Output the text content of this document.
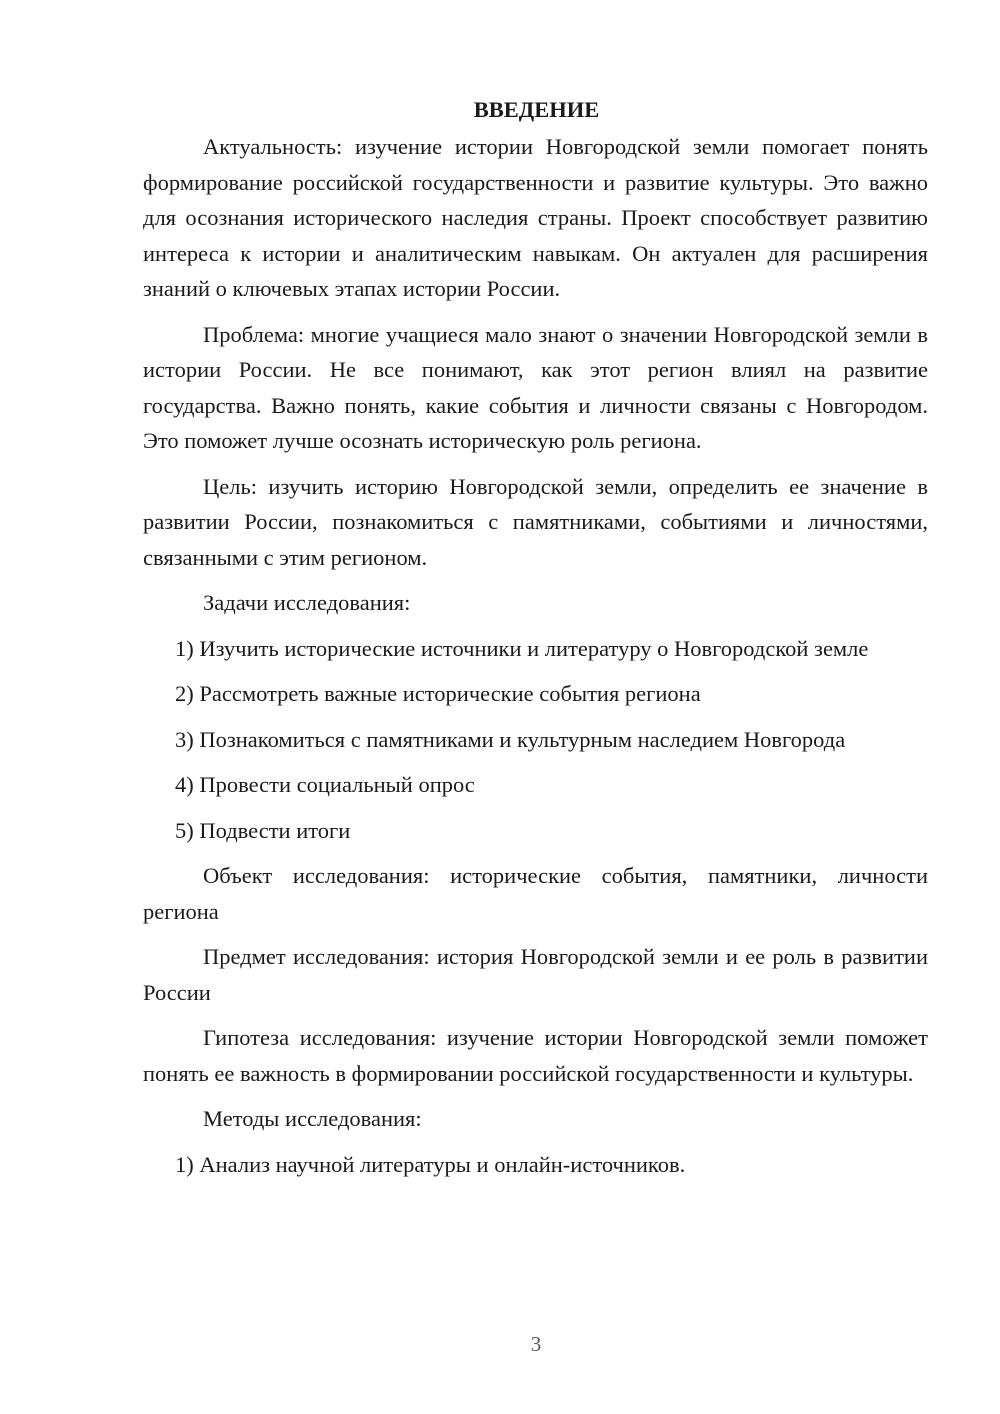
ВВЕДЕНИЕ

Актуальность: изучение истории Новгородской земли помогает понять формирование российской государственности и развитие культуры. Это важно для осознания исторического наследия страны. Проект способствует развитию интереса к истории и аналитическим навыкам. Он актуален для расширения знаний о ключевых этапах истории России.

Проблема: многие учащиеся мало знают о значении Новгородской земли в истории России. Не все понимают, как этот регион влиял на развитие государства. Важно понять, какие события и личности связаны с Новгородом. Это поможет лучше осознать историческую роль региона.

Цель: изучить историю Новгородской земли, определить ее значение в развитии России, познакомиться с памятниками, событиями и личностями, связанными с этим регионом.

Задачи исследования:

1) Изучить исторические источники и литературу о Новгородской земле

2) Рассмотреть важные исторические события региона

3) Познакомиться с памятниками и культурным наследием Новгорода

4) Провести социальный опрос

5) Подвести итоги

Объект исследования: исторические события, памятники, личности региона

Предмет исследования: история Новгородской земли и ее роль в развитии России

Гипотеза исследования: изучение истории Новгородской земли поможет понять ее важность в формировании российской государственности и культуры.

Методы исследования:

1) Анализ научной литературы и онлайн-источников.

3
